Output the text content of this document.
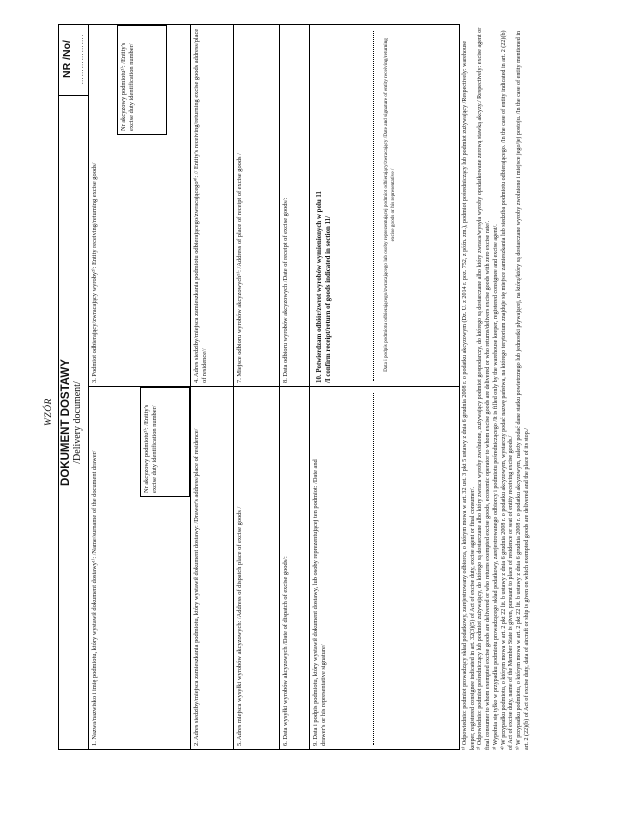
WZÓR DOKUMENT DOSTAWY /Delivery document/
NR /No/ ……………….
1. Nazwa/nazwisko i imię podmiotu, który wystawił dokument dostawy¹⁾: /Name/surname of the document drawer/
Nr akcyzowy podmiotu³⁾: /Entity's excise duty identification number/	2. Adres siedziby/miejsca zamieszkania podmiotu, który wystawił dokument dostawy: /Drawer's address/place of residence/	5. Adres miejsca wysyłki wyrobów akcyzowych: /Address of dispatch place of excise goods /	6. Data wysyłki wyrobów akcyzowych /Date of dispatch of excise goods/:	9. Data i podpis podmiotu, który wystawił dokument dostawy, lub osoby reprezentującej ten podmiot: /Date and drawer's or his representative signature/
3. Podmiot odbierający/zwracający wyroby²⁾: Entity receiving/returning excise goods/
Nr akcyzowy podmiotu³⁾: /Entity's excise duty identification number/	4. Adres siedziby/miejsca zamieszkania podmiotu odbierającego/zwracającego⁴⁾: // Entity's receiving/returning excise goods address/place of residence//	7. Miejsce odbioru wyrobów akcyzowych⁵⁾: /Address of place of receipt of excise goods /	8. Data odbioru wyrobów akcyzowych /Date of receipt of excise goods/:	10. Potwierdzam odbiór/zwrot wyrobów wymienionych w polu 11 /I confirm receipt/return of goods indicated in section 11/	Data i podpis podmiotu odbierającego/zwracającego lub osoby reprezentującej podmiot odbierający/zwracający /Date and signature of entity receiving/returning excise goods or his representative /	¹⁾ Odpowiednio: podmiot prowadzący skład podatkowy, zarejestrowany odbiorca, o którym mowa w art. 32 ust. 3 pkt 5 ustawy z dnia 6 grudnia 2008 r. o podatku akcyzowym (Dz. U. z 2014 r. poz. 752, z późn. zm.), podmiot pośredniczący lub podmiot zużywający /Respectively: warehouse keeper, registered consignee indicated in art. 32(3)(5) of Act of excise duty, excise agent or final consumer/. ²⁾ Odpowiednio: podmiot pośredniczący lub podmiot zużywający, do którego są dostarczane albo który zwraca wyroby zwolnione, zużywający podmiot gospodarczy, do którego są dostarczane albo który zwraca/wysyła wyroby opodatkowane zerową stawką akcyzy./ Respectively: excise agent or final consumer to whom exempted excise goods are delivered or who returns exempted excise goods, economic operator to whom excise goods are delivered or who returns/delivers excise goods with zero excise rate/. ³⁾ Wypełnia się tylko w przypadku podmiotu prowadzącego skład podatkowy, zarejestrowanego odbiorcy i podmiotu pośredniczącego /It is filled only by the warehouse keeper, registered consignee and excise agent/. ⁴⁾ W przypadku podmiotu, o którym mowa w art. 2 pkt 22 lit. b ustawy z dnia 6 grudnia 2008 r. o podatku akcyzowym, wystarczy podać nazwę państwa, na którego terytorium znajduje się miejsce zamieszkania lub siedziba podmiotu odbierającego. /In the case of entity indicated in art. 2 (22)(b) of Act of excise duty, name of the Member State is given, pursuant to place of residence or seat of entity receiving excise goods./ ⁵⁾ W przypadku podmiotu, o którym mowa w art. 2 pkt 22 lit. b ustawy z dnia 6 grudnia 2008 r. o podatku akcyzowym, należy podać dane statku powietrznego lub jednostki pływającej, na którą/który są dostarczane wyroby zwolnione i miejsce jego/jej postoju. /In the case of entity mentioned in art. 2 (22)(b) of Act of excise duty, data of aircraft or ship is given on which exempted goods are delivered and the place of its stop./
